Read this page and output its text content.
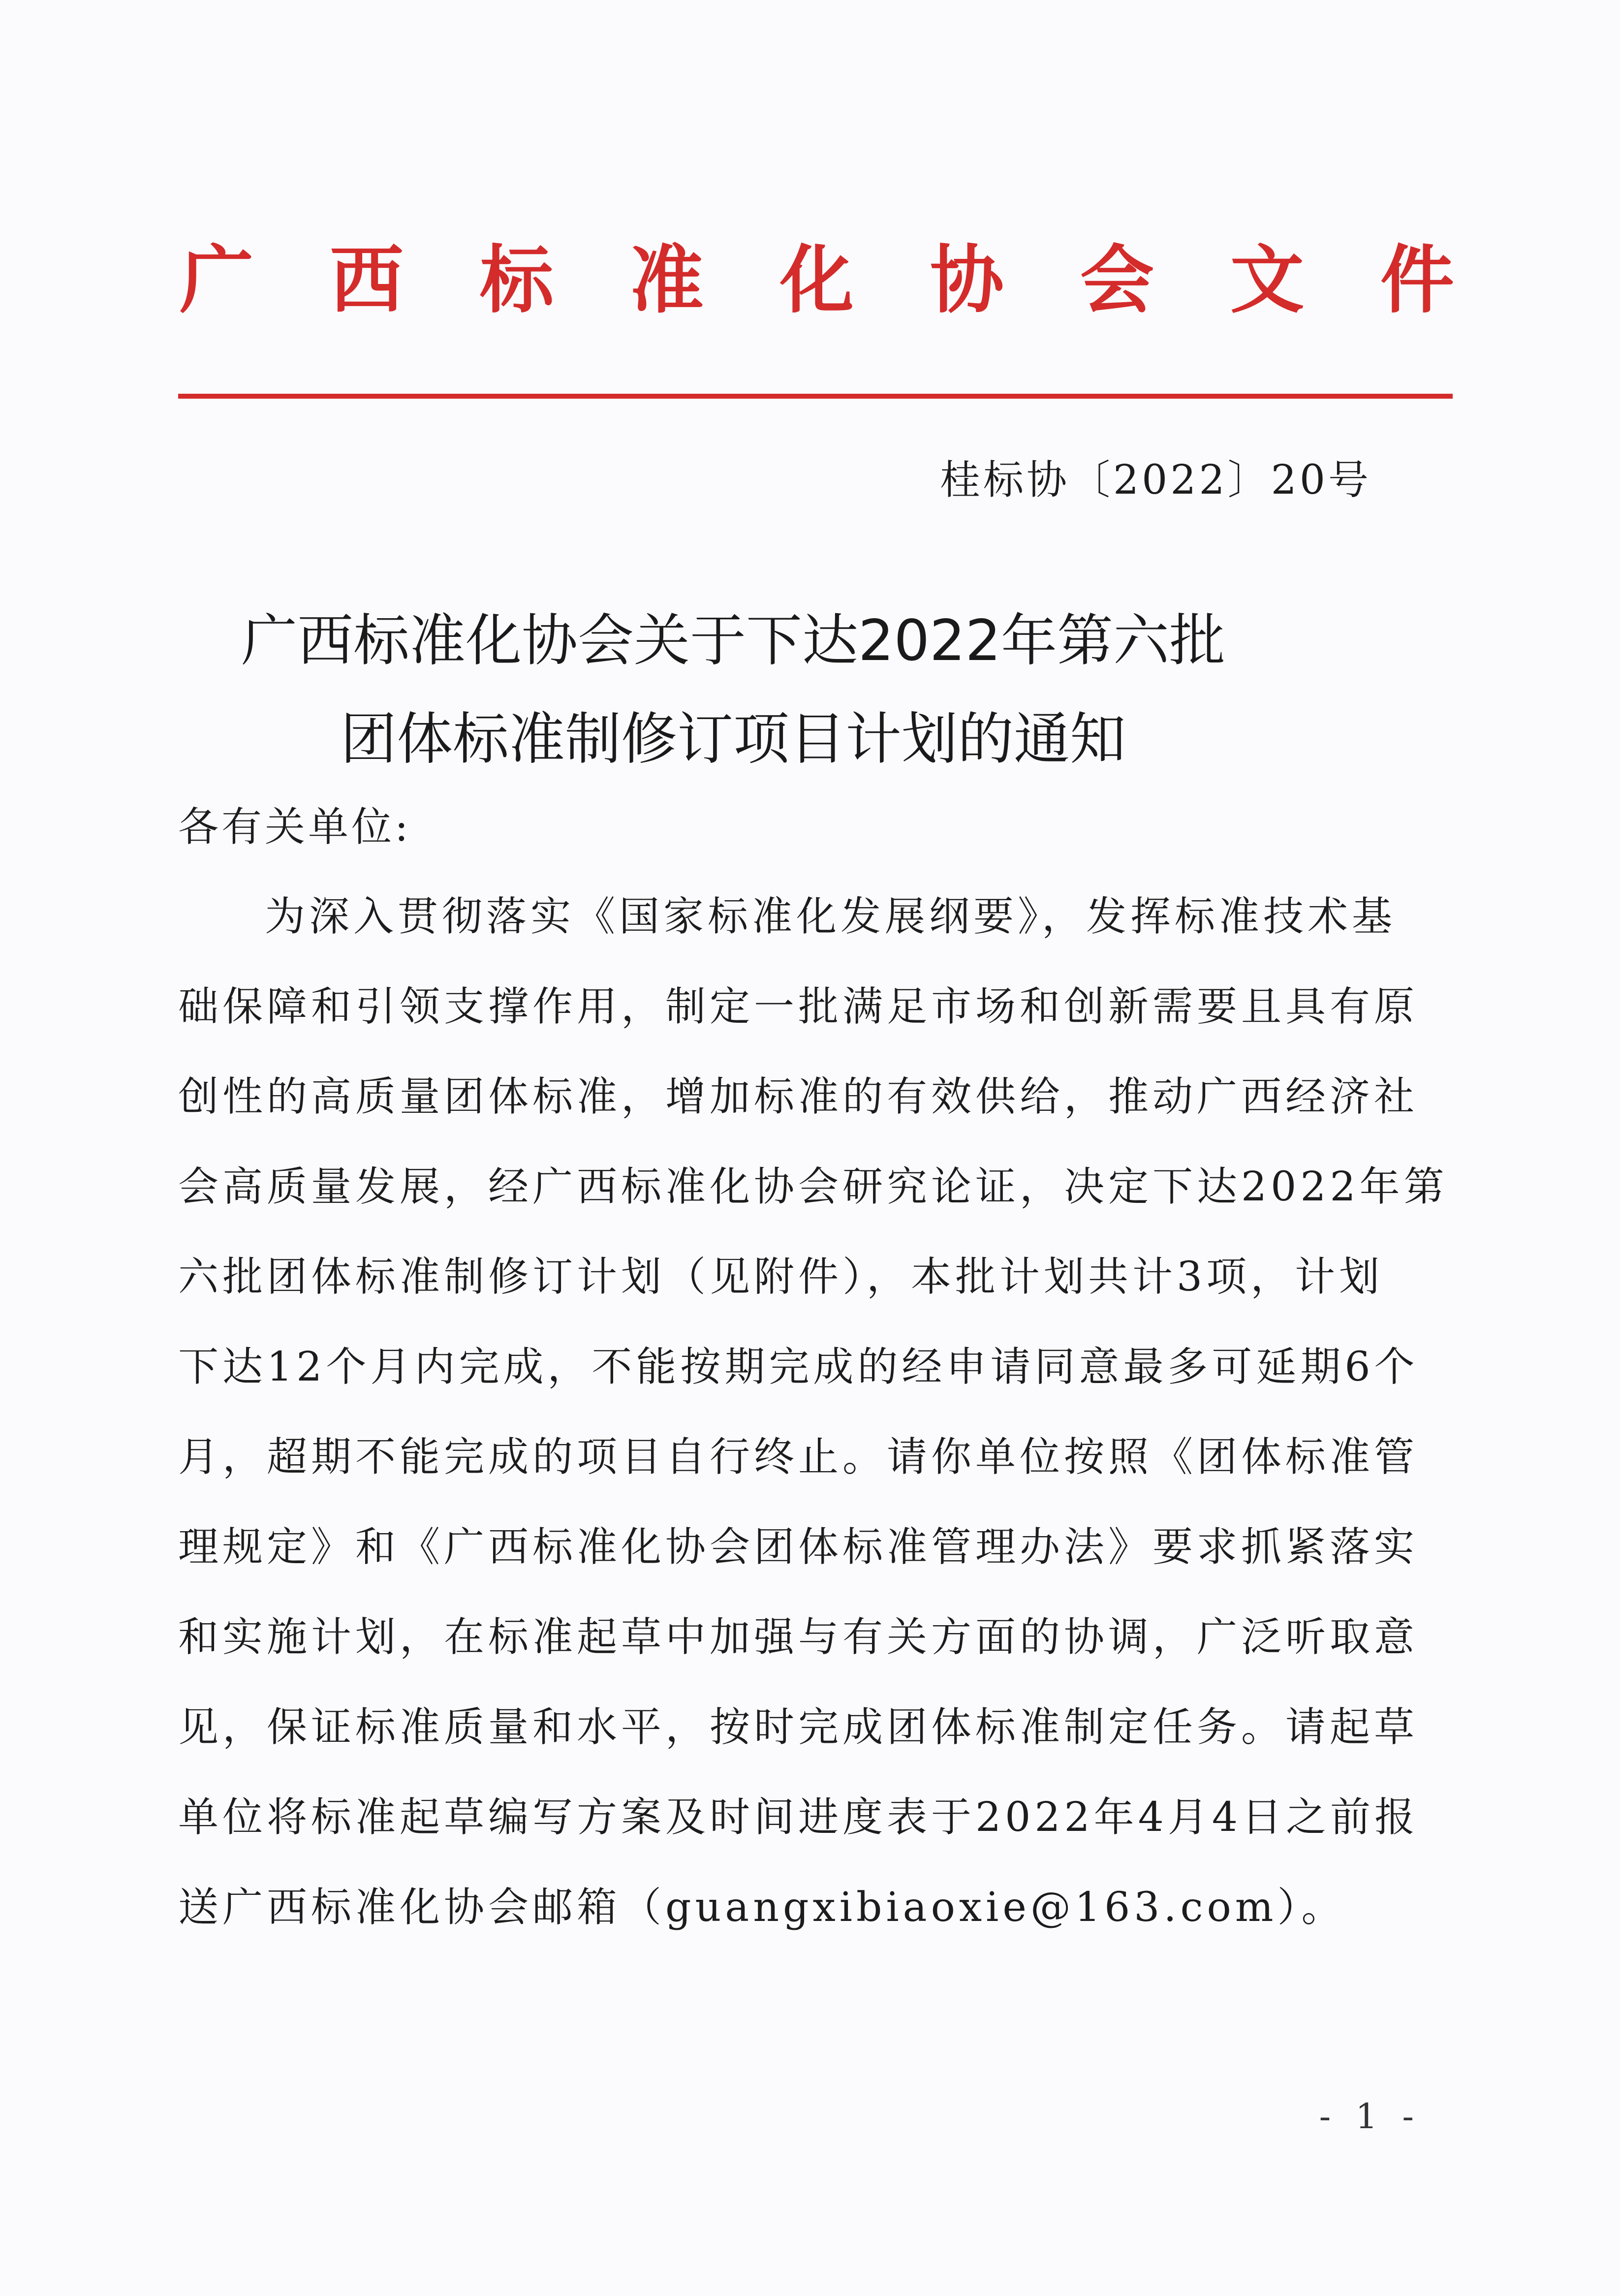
广 西 标 准 化 协 会 文 件
桂标协〔2022〕20号
广西标准化协会关于下达2022年第六批
团体标准制修订项目计划的通知
各有关单位:
为深入贯彻落实《国家标准化发展纲要》，发挥标准技术基
础保障和引领支撑作用，制定一批满足市场和创新需要且具有原
创性的高质量团体标准，增加标准的有效供给，推动广西经济社
会高质量发展，经广西标准化协会研究论证，决定下达2022年第
六批团体标准制修订计划（见附件），本批计划共计3项，计划
下达12个月内完成，不能按期完成的经申请同意最多可延期6个
月，超期不能完成的项目自行终止。请你单位按照《团体标准管
理规定》和《广西标准化协会团体标准管理办法》要求抓紧落实
和实施计划，在标准起草中加强与有关方面的协调，广泛听取意
见，保证标准质量和水平，按时完成团体标准制定任务。请起草
单位将标准起草编写方案及时间进度表于2022年4月4日之前报
送广西标准化协会邮箱（guangxibiaoxie@163.com）。
- 1 -
